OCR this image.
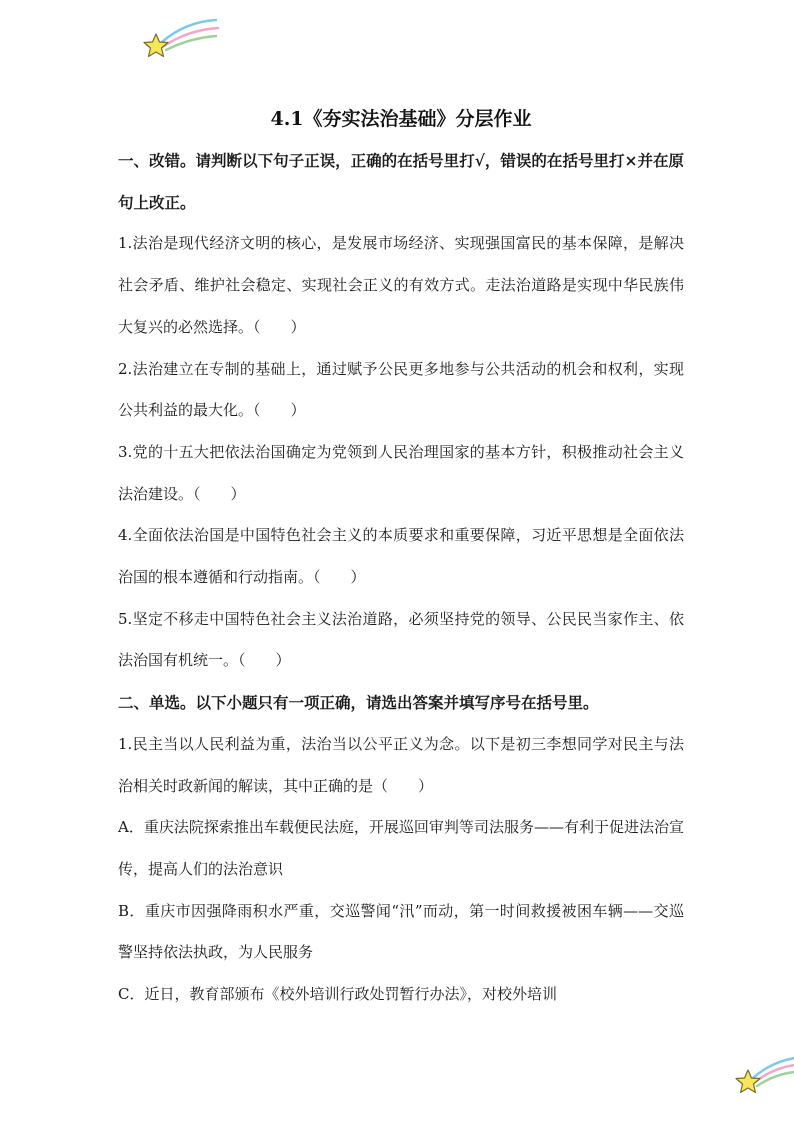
4.1《夯实法治基础》分层作业

一、改错。请判断以下句子正误，正确的在括号里打√，错误的在括号里打×并在原句上改正。

1.法治是现代经济文明的核心，是发展市场经济、实现强国富民的基本保障，是解决社会矛盾、维护社会稳定、实现社会正义的有效方式。走法治道路是实现中华民族伟大复兴的必然选择。（　　）

2.法治建立在专制的基础上，通过赋予公民更多地参与公共活动的机会和权利，实现公共利益的最大化。（　　）

3.党的十五大把依法治国确定为党领到人民治理国家的基本方针，积极推动社会主义法治建设。（　　）

4.全面依法治国是中国特色社会主义的本质要求和重要保障，习近平思想是全面依法治国的根本遵循和行动指南。（　　）

5.坚定不移走中国特色社会主义法治道路，必须坚持党的领导、公民民当家作主、依法治国有机统一。（　　）

二、单选。以下小题只有一项正确，请选出答案并填写序号在括号里。

1.民主当以人民利益为重，法治当以公平正义为念。以下是初三李想同学对民主与法治相关时政新闻的解读，其中正确的是（　　）

A．重庆法院探索推出车载便民法庭，开展巡回审判等司法服务——有利于促进法治宣传，提高人们的法治意识

B．重庆市因强降雨积水严重，交巡警闻“汛”而动，第一时间救援被困车辆——交巡警坚持依法执政，为人民服务

C．近日，教育部颁布《校外培训行政处罚暂行办法》，对校外培训
